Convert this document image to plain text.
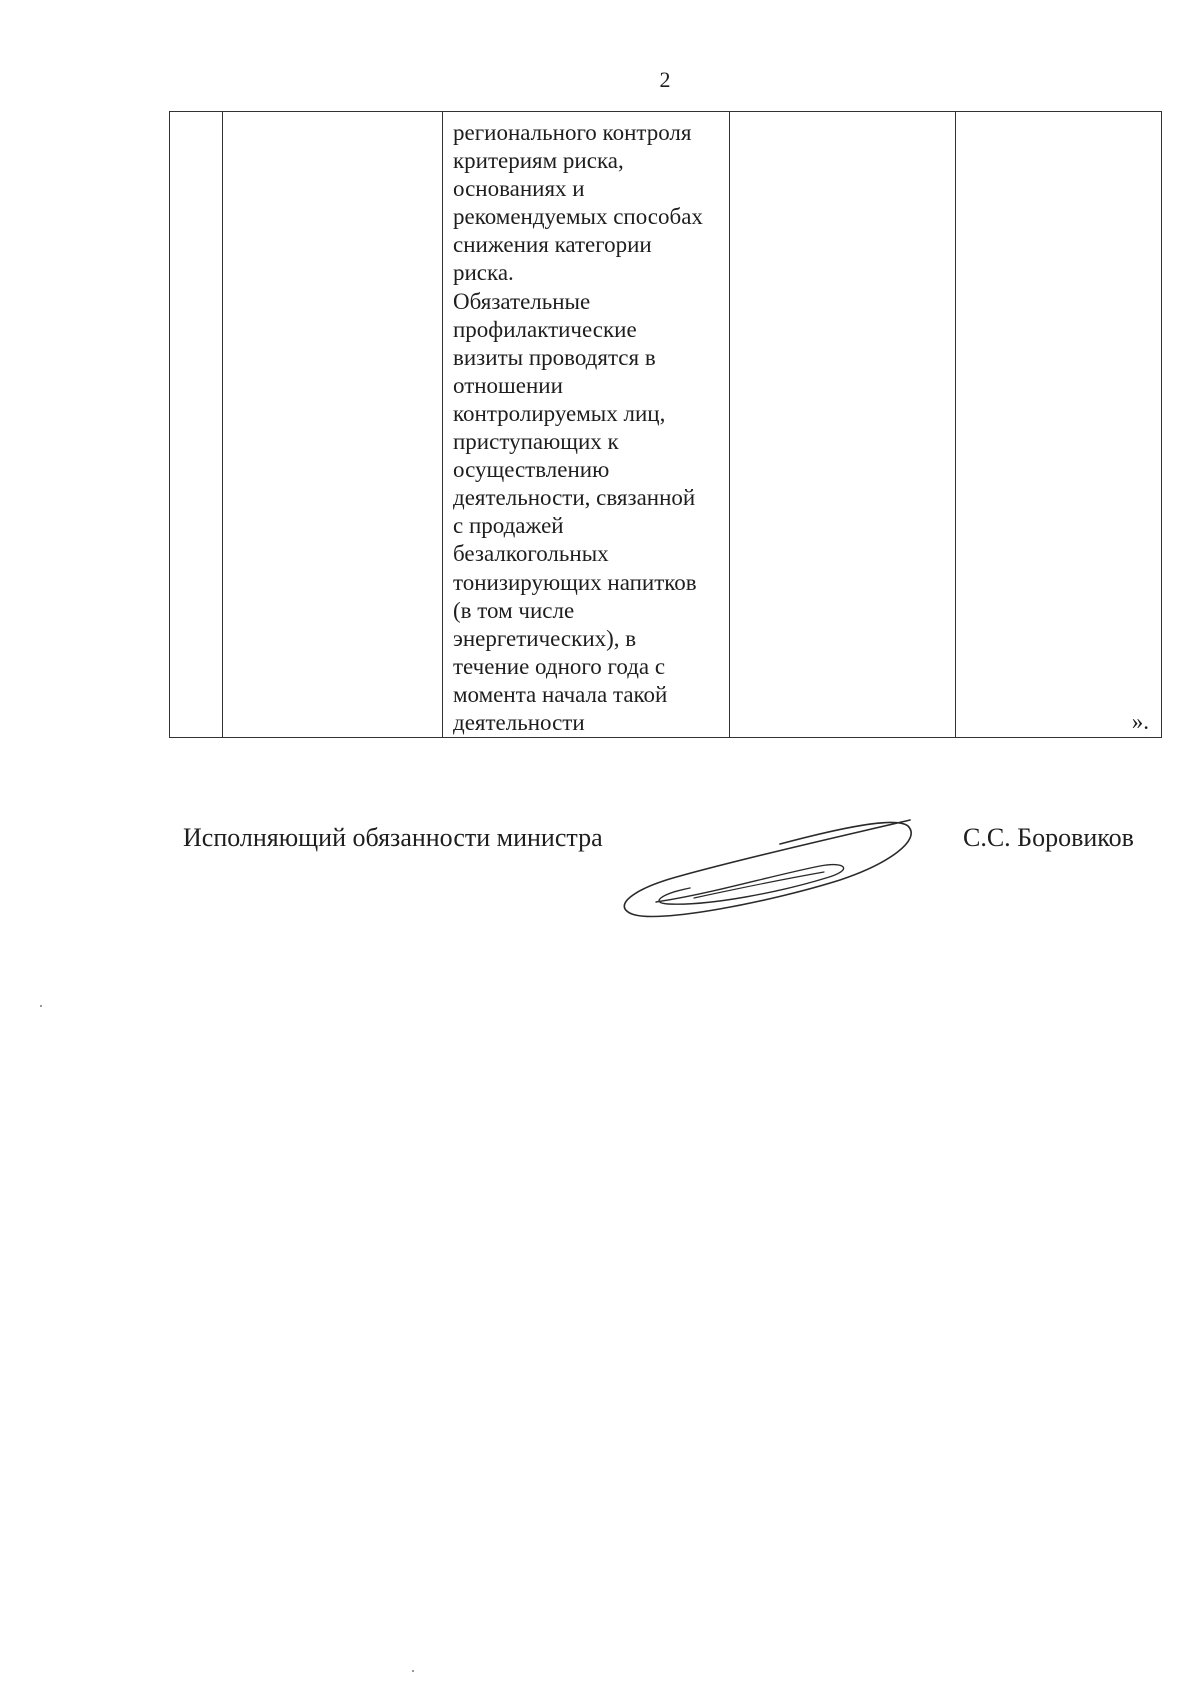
2

регионального контроля
критериям риска,
основаниях и
рекомендуемых способах
снижения категории
риска.
Обязательные
профилактические
визиты проводятся в
отношении
контролируемых лиц,
приступающих к
осуществлению
деятельности, связанной
с продажей
безалкогольных
тонизирующих напитков
(в том числе
энергетических), в
течение одного года с
момента начала такой
деятельности		».
Исполняющий обязанности министра	С.С. Боровиков
